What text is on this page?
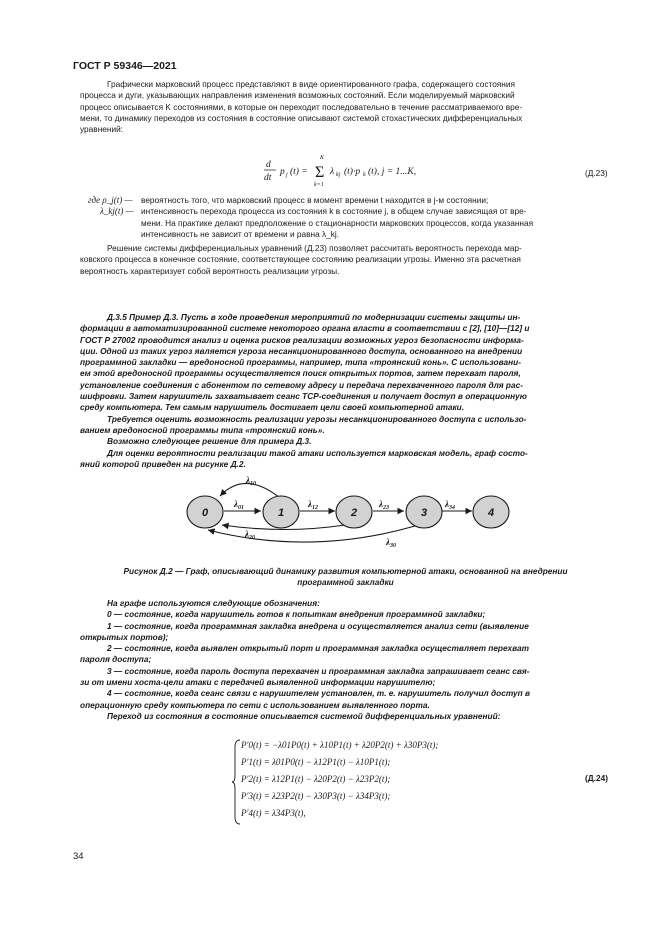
ГОСТ Р 59346—2021
Графически марковский процесс представляют в виде ориентированного графа, содержащего состояния
процесса и дуги, указывающих направления изменения возможных состояний. Если моделируемый марковский
процесс описывается K состояниями, в которые он переходит последовательно в течение рассматриваемого вре-
мени, то динамику переходов из состояния в состояние описывают системой стохастических дифференциальных
уравнений:
d
dt
p j (t) =
K
Σ
k=1
λ kj (t)·p k (t), j = 1...K,	(Д.23)
где ρ_j(t) —	вероятность того, что марковский процесс в момент времени t находится в j-м состоянии;
λ_kj(t) — интенсивность перехода процесса из состояния k в состояние j, в общем случае зависящая от вре-
мени. На практике делают предположение о стационарности марковских процессов, когда указанная
интенсивность не зависит от времени и равна λ_kj.
Решение системы дифференциальных уравнений (Д.23) позволяет рассчитать вероятность перехода мар-
ковского процесса в конечное состояние, соответствующее состоянию реализации угрозы. Именно эта расчетная
вероятность характеризует собой вероятность реализации угрозы.
Д.3.5 Пример Д.3. Пусть в ходе проведения мероприятий по модернизации системы защиты ин-
формации в автоматизированной системе некоторого органа власти в соответствии с [2], [10]—[12] и
ГОСТ Р 27002 проводится анализ и оценка рисков реализации возможных угроз безопасности информа-
ции. Одной из таких угроз является угроза несанкционированного доступа, основанного на внедрении
программной закладки — вредоносной программы, например, типа «троянский конь». С использовани-
ем этой вредоносной программы осуществляется поиск открытых портов, затем перехват пароля,
установление соединения с абонентом по сетевому адресу и передача перехваченного пароля для рас-
шифровки. Затем нарушитель захватывает сеанс TCP-соединения и получает доступ в операционную
среду компьютера. Тем самым нарушитель достигает цели своей компьютерной атаки.
Требуется оценить возможность реализации угрозы несанкционированного доступа с использо-
ванием вредоносной программы типа «троянский конь».
Возможно следующее решение для примера Д.3.
Для оценки вероятности реализации такой атаки используется марковская модель, граф состо-
яний которой приведен на рисунке Д.2.
0	1	2	3	4
$\lambda_{10}$
$\lambda_{01}$	$\lambda_{12}$	$\lambda_{23}$	$\lambda_{34}$
$\lambda_{20}$	$\lambda_{30}$
Рисунок Д.2 — Граф, описывающий динамику развития компьютерной атаки, основанной на внедрении
программной закладки
На графе используются следующие обозначения:
0 — состояние, когда нарушитель готов к попыткам внедрения программной закладки;
1 — состояние, когда программная закладка внедрена и осуществляется анализ сети (выявление
открытых портов);
2 — состояние, когда выявлен открытый порт и программная закладка осуществляет перехват
пароля доступа;
3 — состояние, когда пароль доступа перехвачен и программная закладка запрашивает сеанс свя-
зи от имени хоста-цели атаки с передачей выявленной информации нарушителю;
4 — состояние, когда сеанс связи с нарушителем установлен, т. е. нарушитель получил доступ в
операционную среду компьютера по сети с использованием выявленного порта.
Переход из состояния в состояние описывается системой дифференциальных уравнений:
P′0(t) = −λ01P0(t) + λ10P1(t) + λ20P2(t) + λ30P3(t);
P′1(t) = λ01P0(t) − λ12P1(t) − λ10P1(t);
P′2(t) = λ12P1(t) − λ20P2(t) − λ23P2(t);
P′3(t) = λ23P2(t) − λ30P3(t) − λ34P3(t);
P′4(t) = λ34P3(t),
(Д.24)
34
